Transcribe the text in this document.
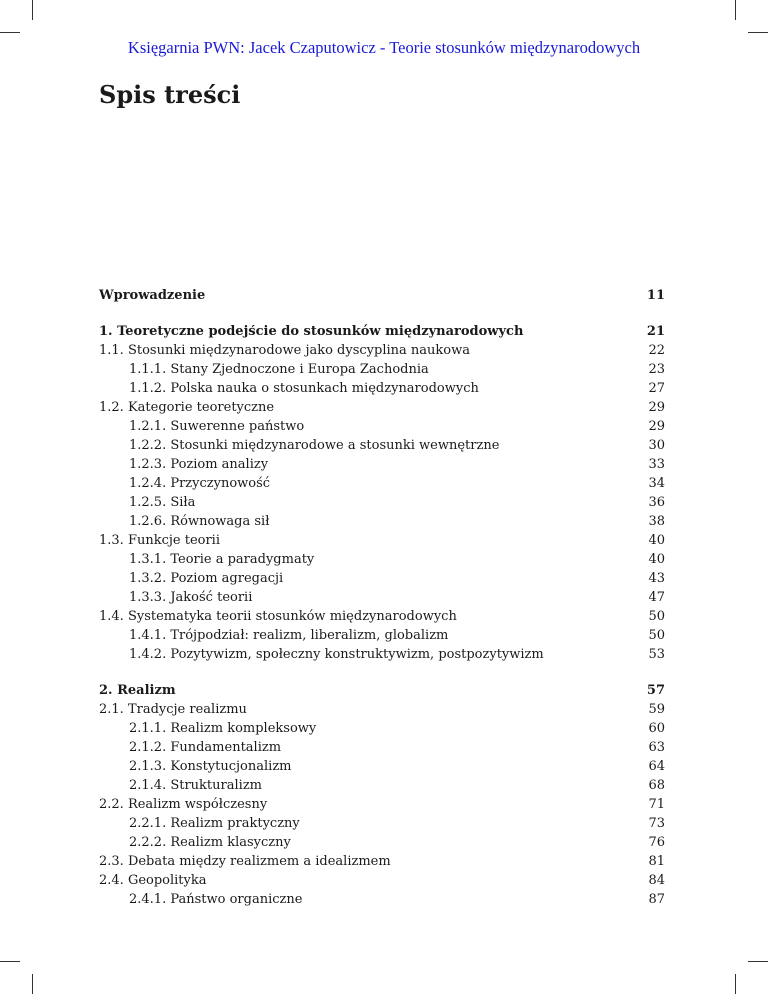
Księgarnia PWN: Jacek Czaputowicz - Teorie stosunków międzynarodowych
Spis treści
Wprowadzenie	11
1. Teoretyczne podejście do stosunków międzynarodowych	21
1.1. Stosunki międzynarodowe jako dyscyplina naukowa	22
1.1.1. Stany Zjednoczone i Europa Zachodnia	23
1.1.2. Polska nauka o stosunkach międzynarodowych	27
1.2. Kategorie teoretyczne	29
1.2.1. Suwerenne państwo	29
1.2.2. Stosunki międzynarodowe a stosunki wewnętrzne	30
1.2.3. Poziom analizy	33
1.2.4. Przyczynowość	34
1.2.5. Siła	36
1.2.6. Równowaga sił	38
1.3. Funkcje teorii	40
1.3.1. Teorie a paradygmaty	40
1.3.2. Poziom agregacji	43
1.3.3. Jakość teorii	47
1.4. Systematyka teorii stosunków międzynarodowych	50
1.4.1. Trójpodział: realizm, liberalizm, globalizm	50
1.4.2. Pozytywizm, społeczny konstruktywizm, postpozytywizm	53
2. Realizm	57
2.1. Tradycje realizmu	59
2.1.1. Realizm kompleksowy	60
2.1.2. Fundamentalizm	63
2.1.3. Konstytucjonalizm	64
2.1.4. Strukturalizm	68
2.2. Realizm współczesny	71
2.2.1. Realizm praktyczny	73
2.2.2. Realizm klasyczny	76
2.3. Debata między realizmem a idealizmem	81
2.4. Geopolityka	84
2.4.1. Państwo organiczne	87
